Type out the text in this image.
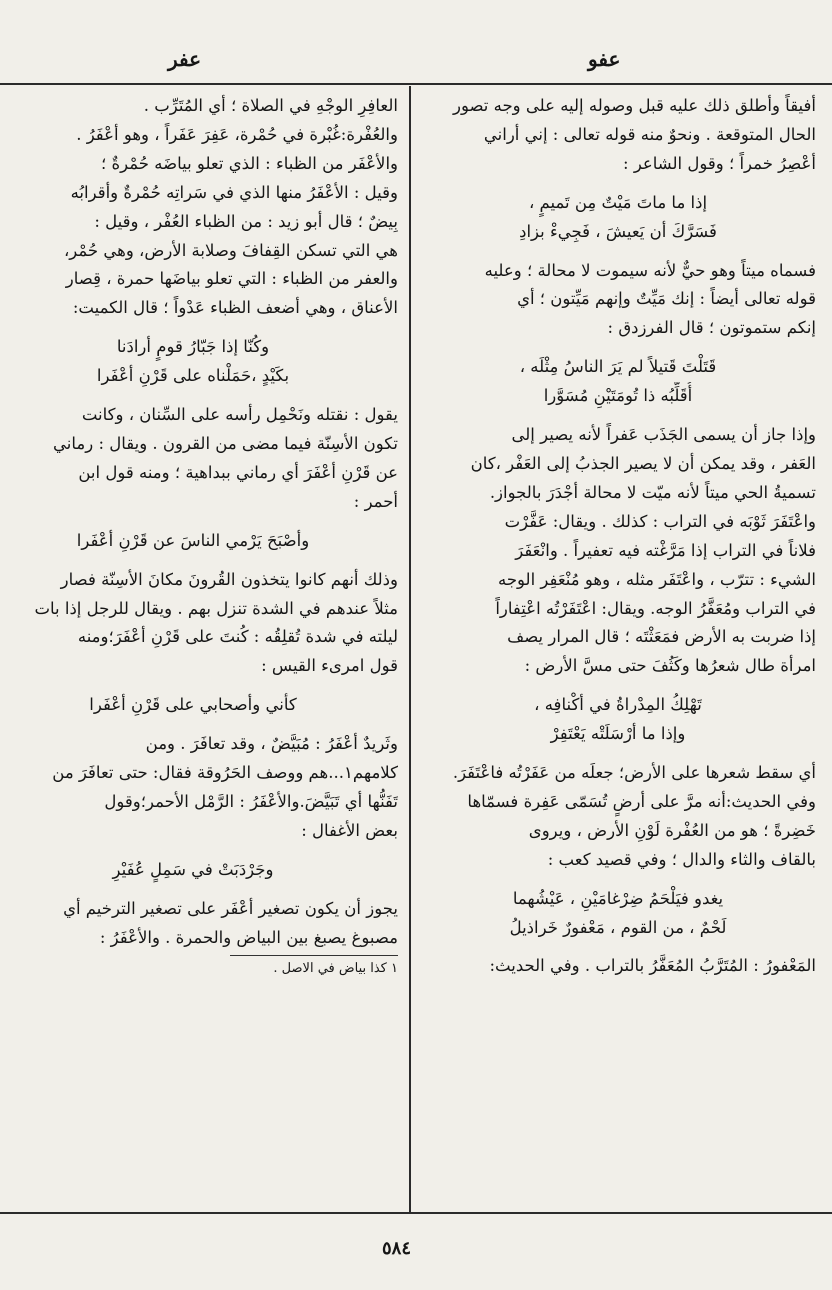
عفو
عفر
أفيقاً وأطلق ذلك عليه قبل وصوله إليه على وجه تصور
الحال المتوقعة . ونحوٌ منه قوله تعالى : إني أراني
أعْصِرُ خمراً ؛ وقول الشاعر :
إذا ما ماتَ مَيْتٌ مِن تَميمٍ ،
فَسَرَّكَ أن يَعيشَ ، فَجِيءْ بزادِ
فسماه ميتاً وهو حيٌّ لأنه سيموت لا محالة ؛ وعليه
قوله تعالى أيضاً : إنك مَيِّتٌ وإنهم مَيِّتون ؛ أي
إنكم ستموتون ؛ قال الفرزدق :
قَتَلْتَ قَتيلاً لم يَرَ الناسُ مِثْلَه ،
أُقَلِّبُه ذا تُومَتَيْنِ مُسَوَّرا
وإذا جاز أن يسمى الجَذَب عَفراً لأنه يصير إلى
العَفر ، وقد يمكن أن لا يصير الجذبُ إلى العَفْر ،كان
تسميةُ الحي ميتاً لأنه ميّت لا محالة أجْدَرَ بالجواز.
واعْتَفَرَ ثَوْبَه في التراب : كذلك . ويقال: عَفَّرْت
فلاناً في التراب إذا مَرَّغْته فيه تعفيراً . وانْعَفَرَ
الشيء : تترّب ، واعْتَفَر مثله ، وهو مُنْعَفِر الوجه
في التراب ومُعَفَّرُ الوجه. ويقال: اعْتَفَرْتُه اعْتِفاراً
إذا ضربت به الأرض فمَعَثْتَه ؛ قال المرار يصف
امرأة طال شعرُها وكَثُفَ حتى مسَّ الأرض :
تَهْلِكُ المِدْراةُ في أكْنافِه ،
وإذا ما أرْسَلَتْه يَعْتَفِرْ
أي سقط شعرها على الأرض؛ جعلَه من عَفَرْتُه فاعْتَفَرَ.
وفي الحديث:أنه مرَّ على أرضٍ تُسَمّى عَفِرة فسمّاها
خَضِرةً ؛ هو من العُفْرة لَوْنِ الأرض ، ويروى
بالقاف والثاء والدال ؛ وفي قصيد كعب :
يغدو فيَلْحَمُ ضِرْغامَيْنِ ، عَيْشُهما
لَحْمٌ ، من القوم ، مَعْفورٌ خَراذيلُ
المَعْفورُ : المُتَرَّبُ المُعَفَّرُ بالتراب . وفي الحديث:
العافِرِ الوجْهِ في الصلاة ؛ أي المُتَرِّب .
والعُفْرة:غُبْرة في حُمْرة، عَفِرَ عَفَراً ، وهو أعْفَرُ .
والأعْفَر من الظباء : الذي تعلو بياضَه حُمْرةٌ ؛
وقيل : الأعْفَرُ منها الذي في سَراتِه حُمْرةٌ وأقرابُه
بِيضٌ ؛ قال أبو زيد : من الظباء العُفْر ، وقيل :
هي التي تسكن القِفافَ وصلابة الأرض، وهي حُمْر،
والعفر من الظباء : التي تعلو بياضَها حمرة ، قِصار
الأعناق ، وهي أضعف الظباء عَدْواً ؛ قال الكميت:
وكُنّا إذا جَبّارُ قومٍ أرادَنا
بكَيْدٍ ،حَمَلْناه على قَرْنِ أعْفَرا
يقول : نقتله ونَحْمِل رأسه على السِّنان ، وكانت
تكون الأسِنّة فيما مضى من القرون . ويقال : رماني
عن قَرْنِ أعْفَرَ أي رماني ببداهية ؛ ومنه قول ابن
أحمر :
وأصْبَحَ يَرْمي الناسَ عن قَرْنِ أعْفَرا
وذلك أنهم كانوا يتخذون القُرونَ مكانَ الأسِنّة فصار
مثلاً عندهم في الشدة تنزل بهم . ويقال للرجل إذا بات
ليلته في شدة تُقلِقُه : كُنتَ على قَرْنِ أعْفَرَ؛ومنه
قول امرىء القيس :
كأني وأصحابي على قَرْنِ أعْفَرا
وثَريدٌ أعْفَرُ : مُبَيَّضٌ ، وقد تعافَرَ . ومن
كلامهم١...هم ووصف الحَرُوقة فقال: حتى تعافَرَ من
تَفَنُّها أي تَبَيَّضَ.والأعْفَرُ : الرَّمْل الأحمر؛وقول
بعض الأغفال :
وجَرْدَبَتْ في سَمِلٍ عُفَيْرِ
يجوز أن يكون تصغير أعْفَر على تصغير الترخيم أي
مصبوغ يصبغ بين البياض والحمرة . والأعْفَرُ :
١ كذا بياض في الاصل .
٥٨٤
